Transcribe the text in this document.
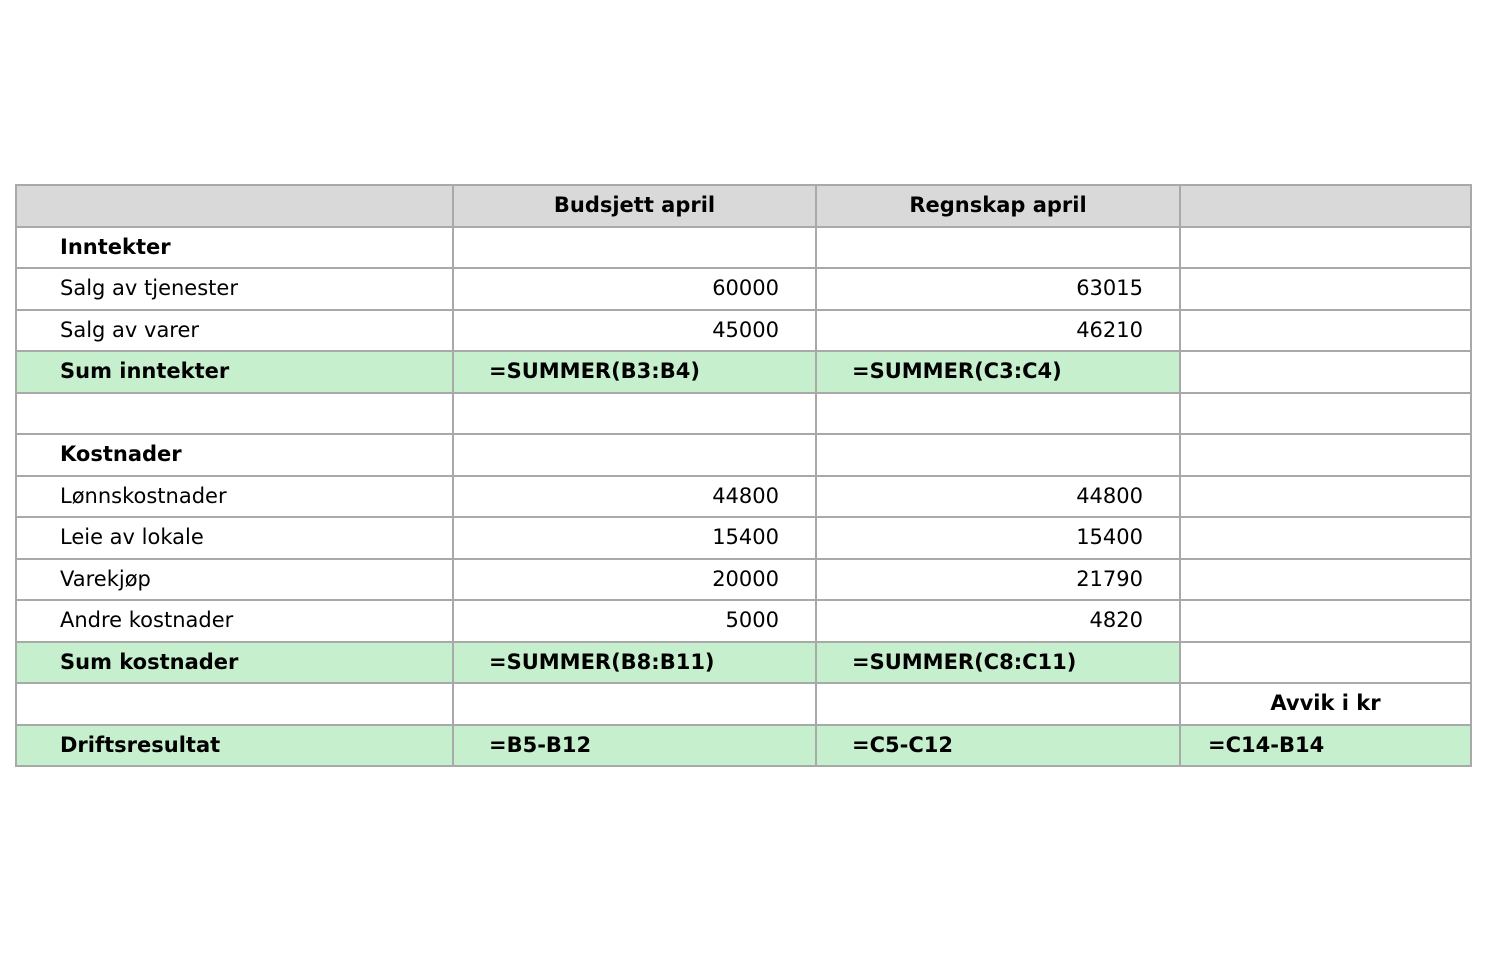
	Budsjett april	Regnskap april	
Inntekter			
Salg av tjenester	60000	63015	
Salg av varer	45000	46210	
Sum inntekter	=SUMMER(B3:B4)	=SUMMER(C3:C4)	

Kostnader			
Lønnskostnader	44800	44800	
Leie av lokale	15400	15400	
Varekjøp	20000	21790	
Andre kostnader	5000	4820	
Sum kostnader	=SUMMER(B8:B11)	=SUMMER(C8:C11)	
			Avvik i kr
Driftsresultat	=B5-B12	=C5-C12	=C14-B14
